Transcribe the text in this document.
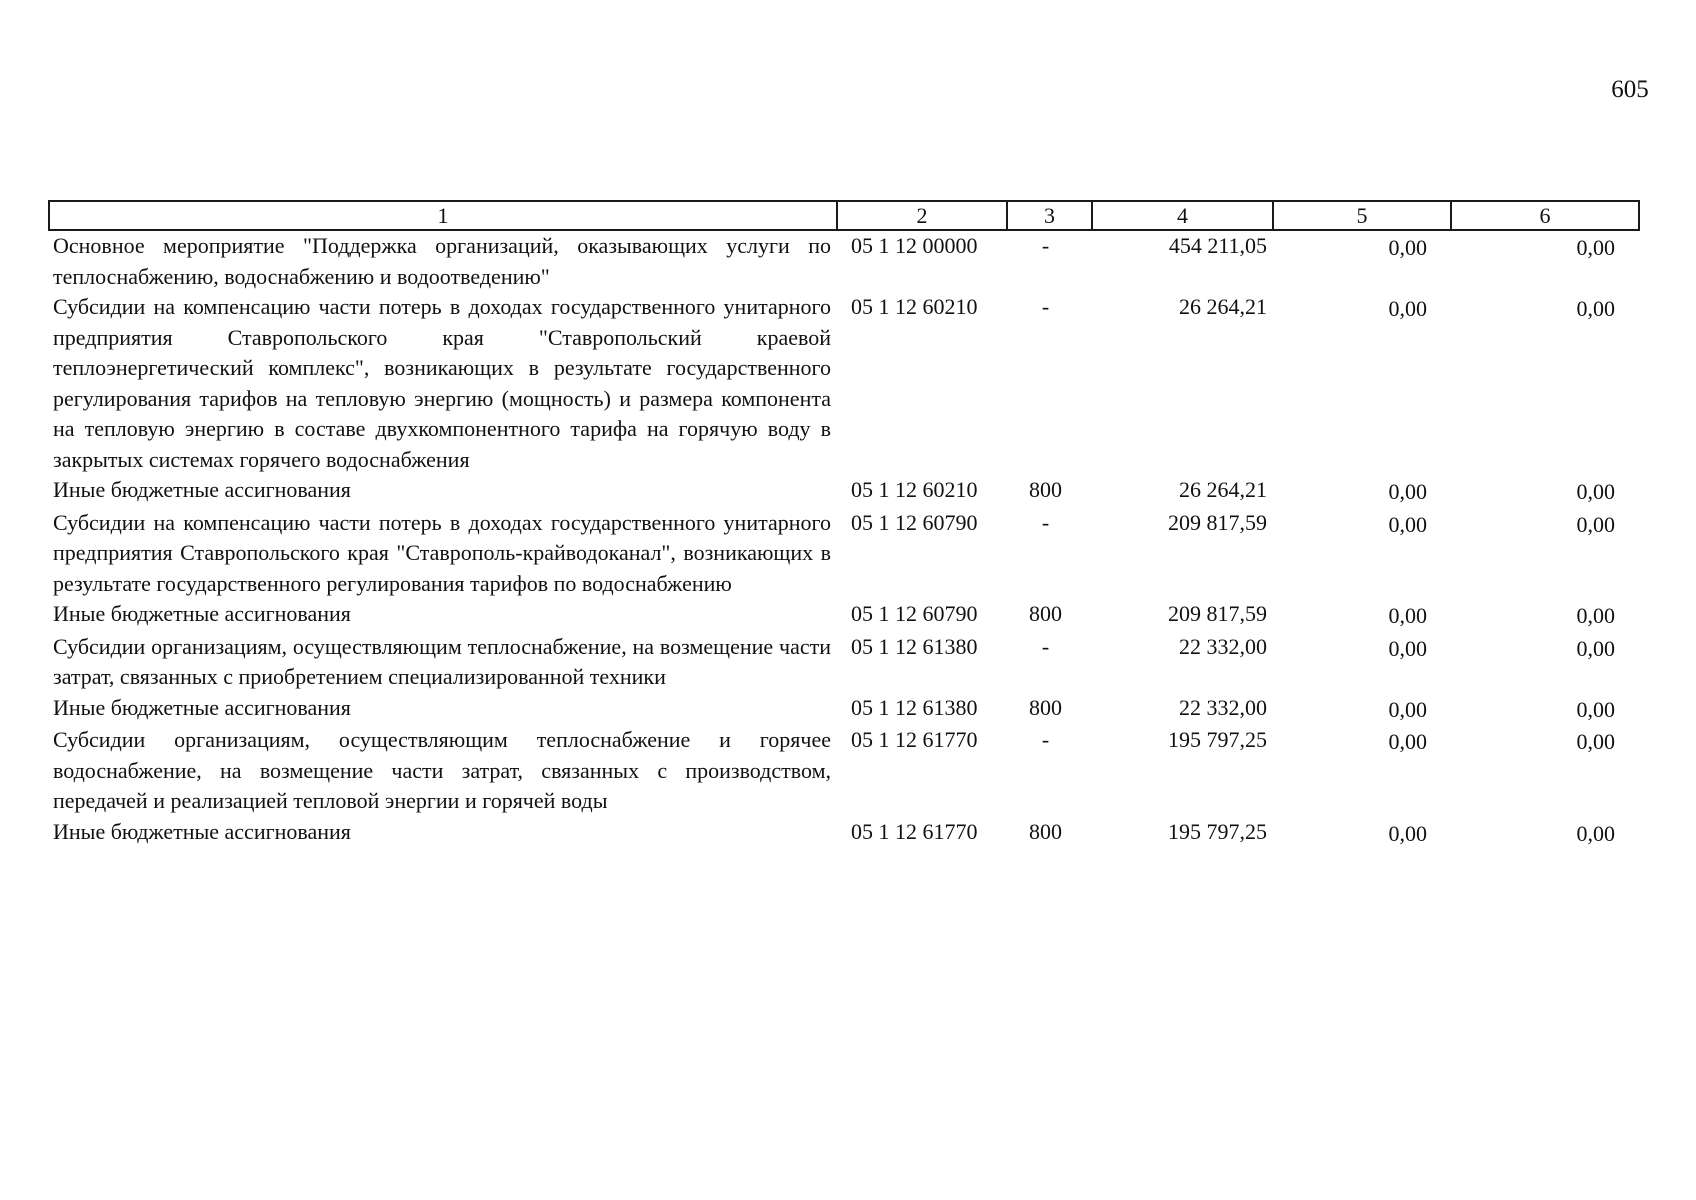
605
1	2	3	4	5	6
Основное мероприятие "Поддержка организаций, оказывающих услуги по теплоснабжению, водоснабжению и водоотведению"	05 1 12 00000	-	454 211,05	0,00	0,00
Субсидии на компенсацию части потерь в доходах государственного унитарного предприятия Ставропольского края "Ставропольский краевой теплоэнергетический комплекс", возникающих в результате государственного регулирования тарифов на тепловую энергию (мощность) и размера компонента на тепловую энергию в составе двухкомпонентного тарифа на горячую воду в закрытых системах горячего водоснабжения	05 1 12 60210	-	26 264,21	0,00	0,00
Иные бюджетные ассигнования	05 1 12 60210	800	26 264,21	0,00	0,00
Субсидии на компенсацию части потерь в доходах государственного унитарного предприятия Ставропольского края "Ставрополь-крайводоканал", возникающих в результате государственного регулирования тарифов по водоснабжению	05 1 12 60790	-	209 817,59	0,00	0,00
Иные бюджетные ассигнования	05 1 12 60790	800	209 817,59	0,00	0,00
Субсидии организациям, осуществляющим теплоснабжение, на возмещение части затрат, связанных с приобретением специализированной техники	05 1 12 61380	-	22 332,00	0,00	0,00
Иные бюджетные ассигнования	05 1 12 61380	800	22 332,00	0,00	0,00
Субсидии организациям, осуществляющим теплоснабжение и горячее водоснабжение, на возмещение части затрат, связанных с производством, передачей и реализацией тепловой энергии и горячей воды	05 1 12 61770	-	195 797,25	0,00	0,00
Иные бюджетные ассигнования	05 1 12 61770	800	195 797,25	0,00	0,00
